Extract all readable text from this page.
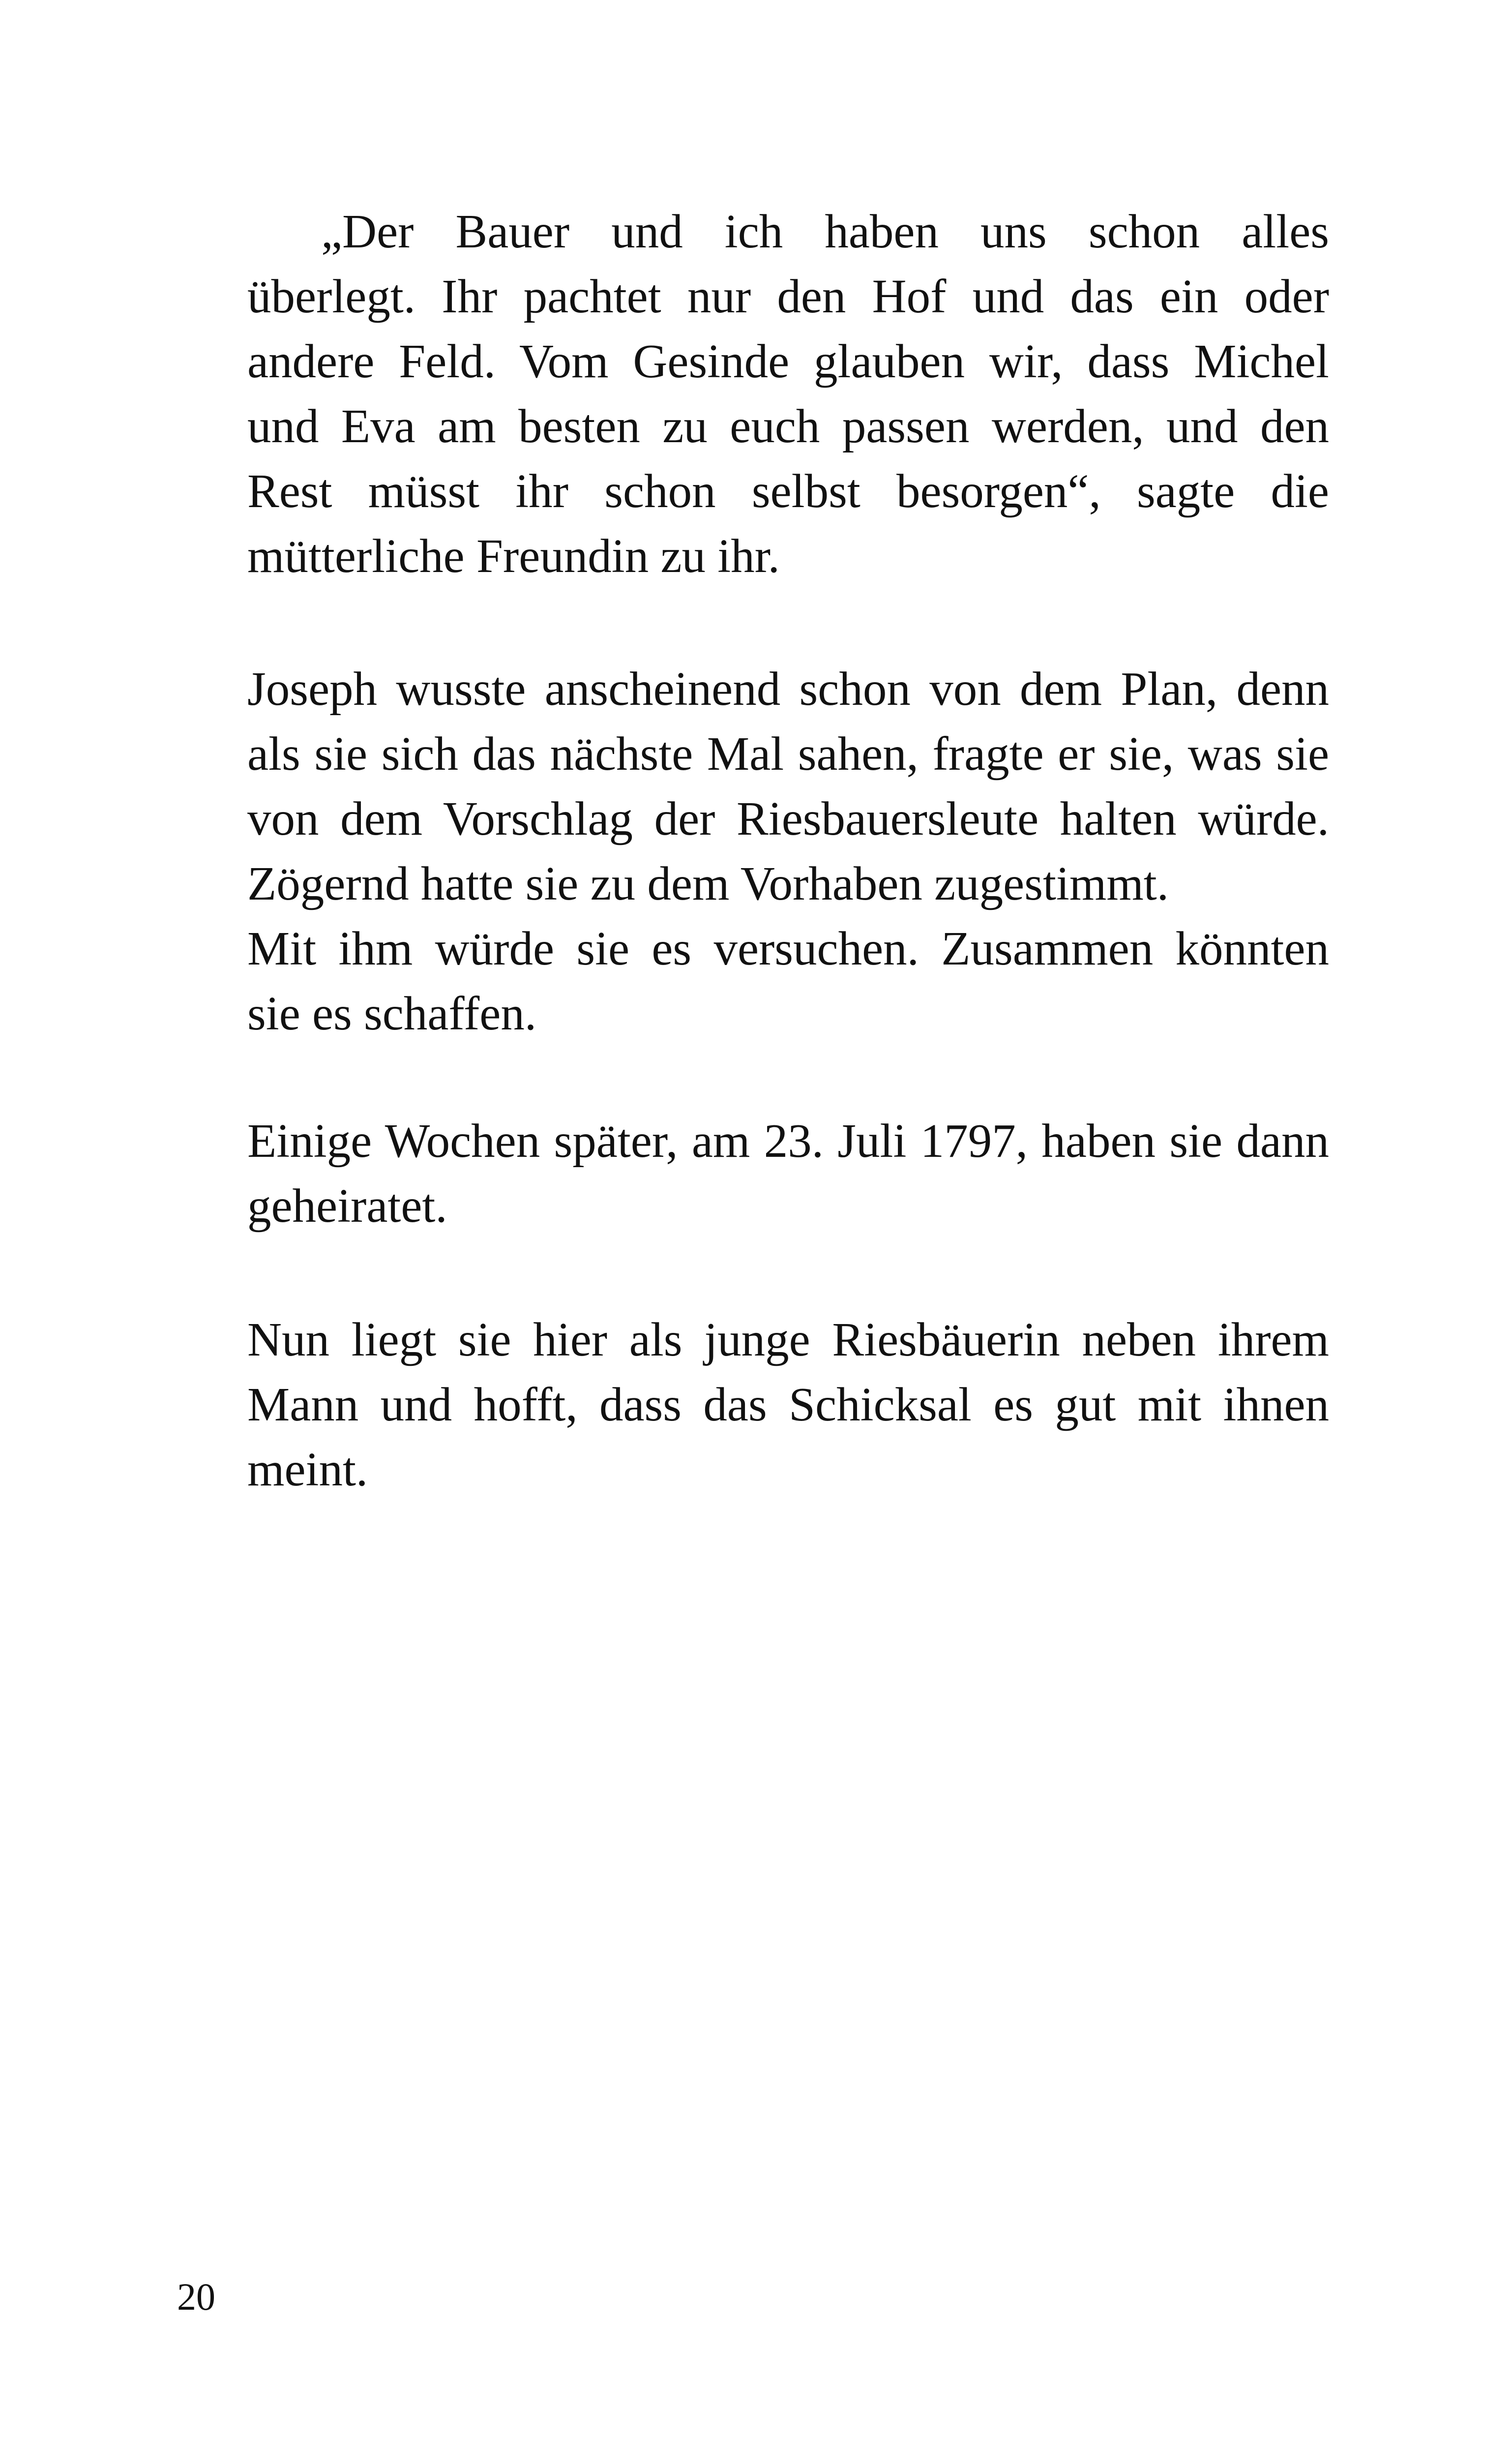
„Der Bauer und ich haben uns schon alles
überlegt. Ihr pachtet nur den Hof und das ein oder
andere Feld. Vom Gesinde glauben wir, dass Michel
und Eva am besten zu euch passen werden, und den
Rest müsst ihr schon selbst besorgen“, sagte die
mütterliche Freundin zu ihr.

Joseph wusste anscheinend schon von dem Plan, denn
als sie sich das nächste Mal sahen, fragte er sie, was sie
von dem Vorschlag der Riesbauersleute halten würde.
Zögernd hatte sie zu dem Vorhaben zugestimmt.
Mit ihm würde sie es versuchen. Zusammen könnten
sie es schaffen.

Einige Wochen später, am 23. Juli 1797, haben sie dann
geheiratet.

Nun liegt sie hier als junge Riesbäuerin neben ihrem
Mann und hofft, dass das Schicksal es gut mit ihnen
meint.

20
